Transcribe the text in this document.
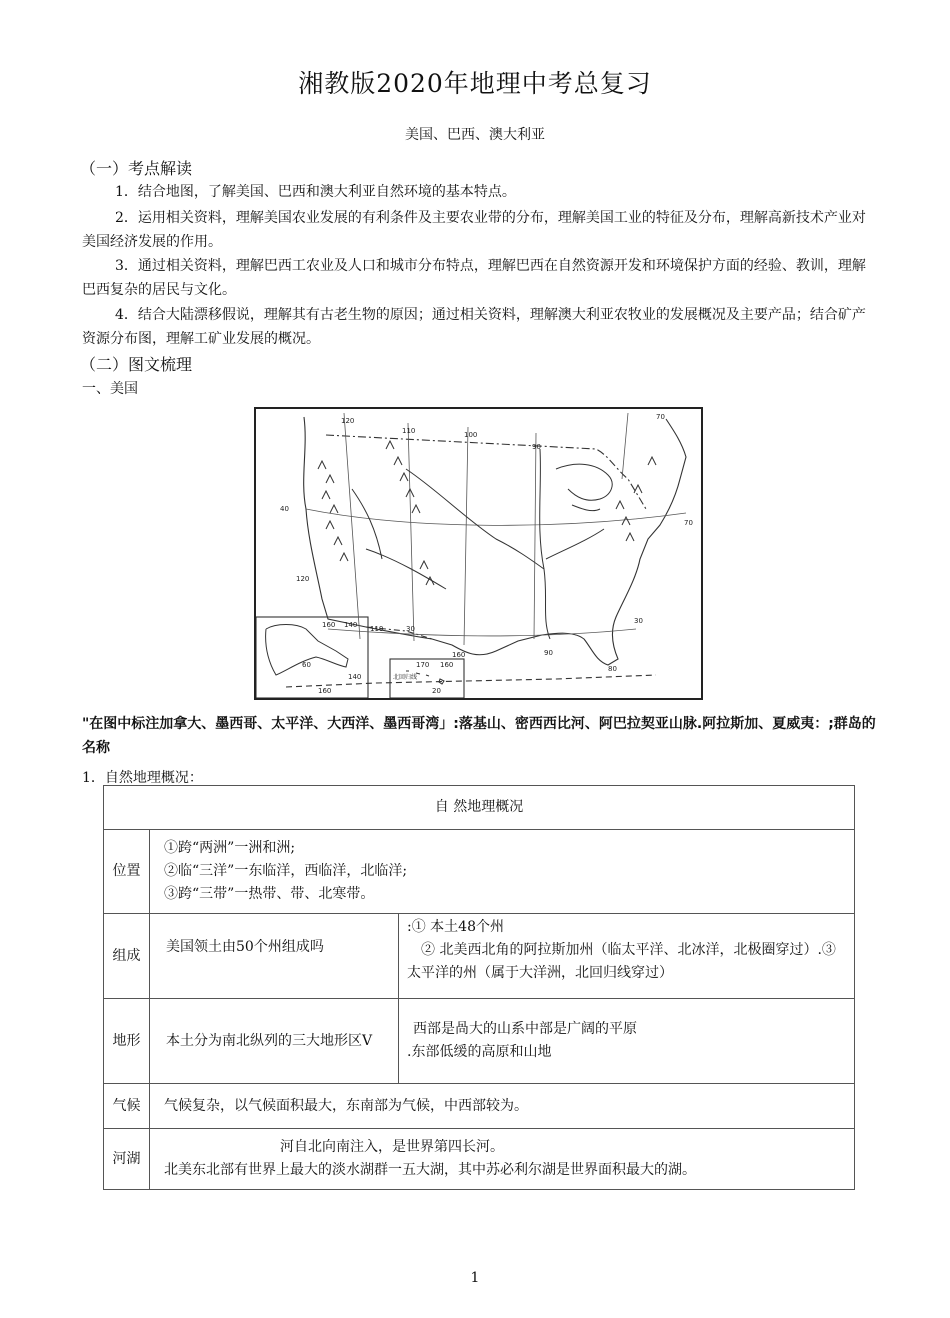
湘教版2020年地理中考总复习
美国、巴西、澳大利亚
（一）考点解读
1．结合地图，了解美国、巴西和澳大利亚自然环境的基本特点。
2．运用相关资料，理解美国农业发展的有利条件及主要农业带的分布，理解美国工业的特征及分布，理解高新技术产业对美国经济发展的作用。
3．通过相关资料，理解巴西工农业及人口和城市分布特点，理解巴西在自然资源开发和环境保护方面的经验、教训，理解巴西复杂的居民与文化。
4．结合大陆漂移假说，理解其有古老生物的原因；通过相关资料，理解澳大利亚农牧业的发展概况及主要产品；结合矿产资源分布图，理解工矿业发展的概况。
（二）图文梳理
一、美国
120
110	100
90
70
40
70
120
30
30
90
80
160 140 110
60
140
160
170 160
160
20
北回归线
"在图中标注加拿大、墨西哥、太平洋、大西洋、墨西哥湾」:落基山、密西西比河、阿巴拉契亚山脉.阿拉斯加、夏威夷：;群岛的名称
1．自然地理概况：
自 然地理概况		
位置	①跨“两洲”一洲和洲;
②临“三洋”一东临洋，西临洋，北临洋;
③跨“三带”一热带、带、北寒带。	

组成	美国领土由50个州组成吗	:① 本土48个州
② 北美西北角的阿拉斯加州（临太平洋、北冰洋，北极圈穿过）.③ 太平洋的州（属于大洋洲，北回归线穿过）

地形	本土分为南北纵列的三大地形区V	西部是咼大的山系中部是广阔的平原
.东部低缓的高原和山地

气候	气候复杂，以气候面积最大，东南部为气候，中西部较为。	
河湖	河自北向南注入，是世界第四长河。
北美东北部有世界上最大的淡水湖群一五大湖，其中苏必利尔湖是世界面积最大的湖。	
1
